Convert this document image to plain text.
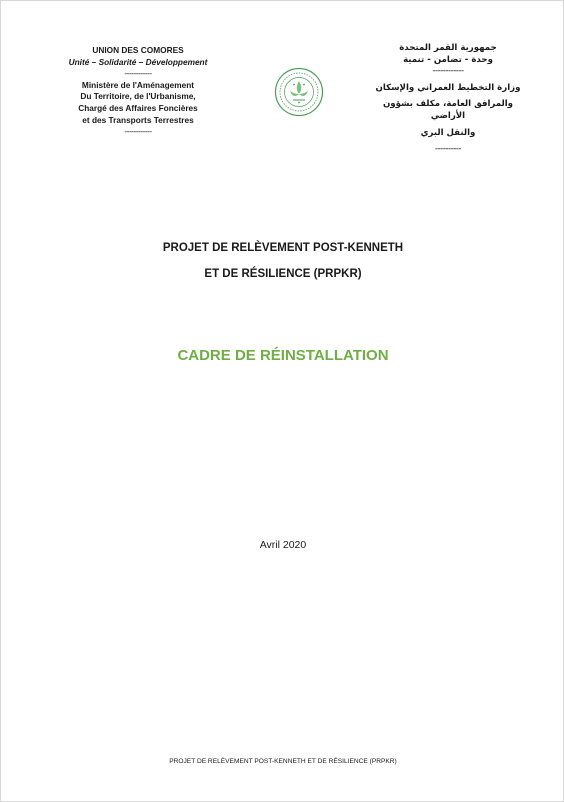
UNION DES COMORES
Unité – Solidarité – Développement
------------
Ministère de l'Aménagement
Du Territoire, de l'Urbanisme,
Chargé des Affaires Foncières
et des Transports Terrestres
------------
جمهورية القمر المتحدة
وحدة - تضامن - تنمية
------------
وزارة التخطيط العمراني والإسكان
والمرافق العامة، مكلف بشؤون الأراضي
والنقل البري
----------
PROJET DE RELÈVEMENT POST-KENNETH
ET DE RÉSILIENCE (PRPKR)
CADRE DE RÉINSTALLATION
Avril 2020
PROJET DE RELÈVEMENT POST-KENNETH ET DE RÉSILIENCE (PRPKR)
